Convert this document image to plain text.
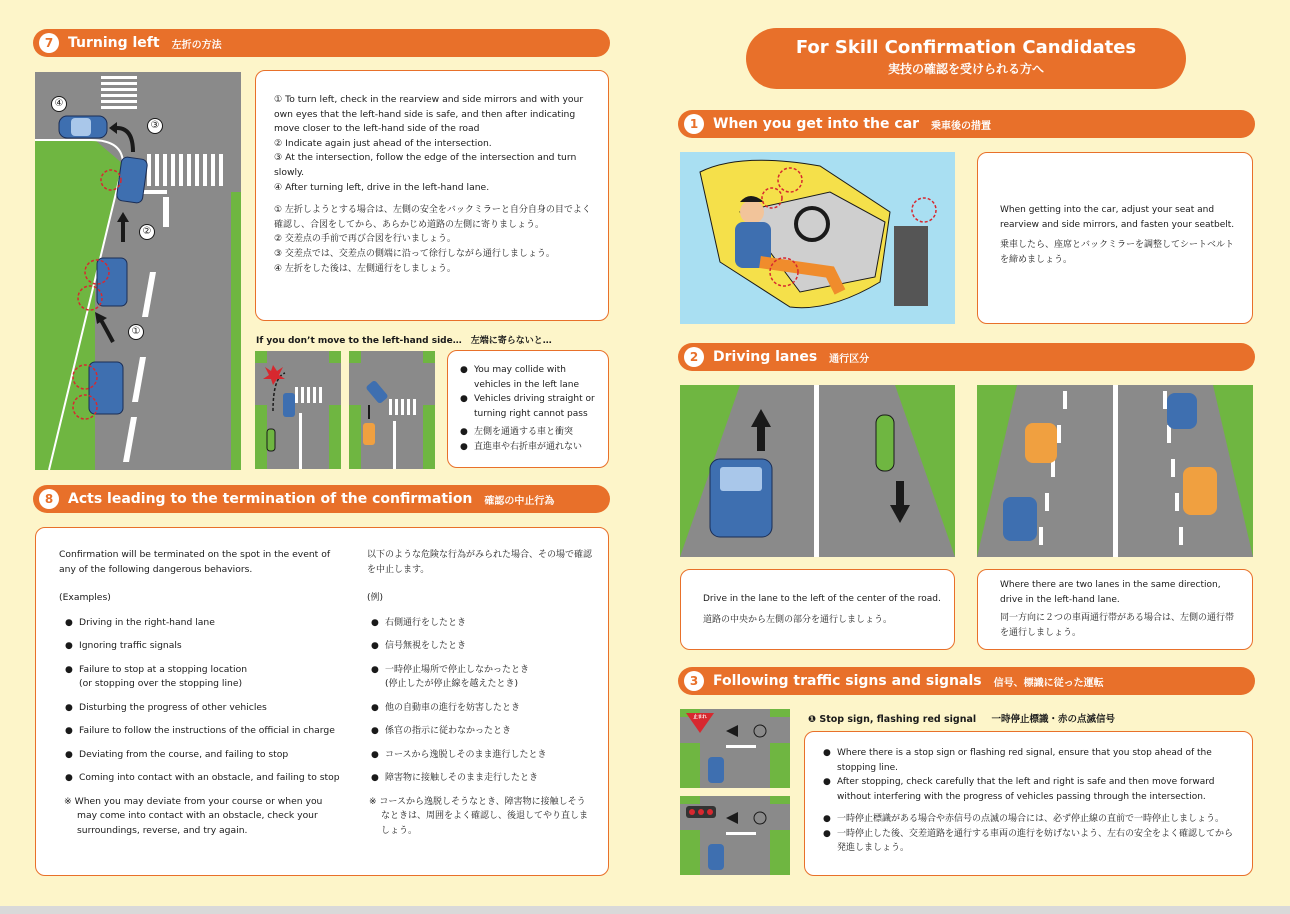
7	Turning left 左折の方法
④
③
②
①
① To turn left, check in the rearview and side mirrors and with your own eyes that the left-hand side is safe, and then after indicating move closer to the left-hand side of the road
② Indicate again just ahead of the intersection.
③ At the intersection, follow the edge of the intersection and turn slowly.
④ After turning left, drive in the left-hand lane.
① 左折しようとする場合は、左側の安全をバックミラーと自分自身の目でよく確認し、合図をしてから、あらかじめ道路の左側に寄りましょう。
② 交差点の手前で再び合図を行いましょう。
③ 交差点では、交差点の側端に沿って徐行しながら通行しましょう。
④ 左折をした後は、左側通行をしましょう。
If you don’t move to the left-hand side…　左端に寄らないと…
● You may collide with vehicles in the left lane
● Vehicles driving straight or turning right cannot pass
● 左側を通過する車と衝突
● 直進車や右折車が通れない
8	Acts leading to the termination of the confirmation 確認の中止行為
Confirmation will be terminated on the spot in the event of any of the following dangerous behaviors.
(Examples)
● Driving in the right-hand lane
● Ignoring traffic signals
● Failure to stop at a stopping location
(or stopping over the stopping line)
● Disturbing the progress of other vehicles
● Failure to follow the instructions of the official in charge
● Deviating from the course, and failing to stop
● Coming into contact with an obstacle, and failing to stop
※ When you may deviate from your course or when you may come into contact with an obstacle, check your surroundings, reverse, and try again.
以下のような危険な行為がみられた場合、その場で確認を中止します。
(例)
● 右側通行をしたとき
● 信号無視をしたとき
● 一時停止場所で停止しなかったとき
(停止したが停止線を越えたとき)
● 他の自動車の進行を妨害したとき
● 係官の指示に従わなかったとき
● コースから逸脱しそのまま進行したとき
● 障害物に接触しそのまま走行したとき
※ コースから逸脱しそうなとき、障害物に接触しそうなときは、周囲をよく確認し、後退してやり直しましょう。
For Skill Confirmation Candidates
実技の確認を受けられる方へ
1	When you get into the car 乗車後の措置
When getting into the car, adjust your seat and rearview and side mirrors, and fasten your seatbelt.
乗車したら、座席とバックミラーを調整してシートベルトを締めましょう。
2	Driving lanes 通行区分
Drive in the lane to the left of the center of the road.
道路の中央から左側の部分を通行しましょう。
Where there are two lanes in the same direction, drive in the left-hand lane.
同一方向に２つの車両通行帯がある場合は、左側の通行帯を通行しましょう。
3	Following traffic signs and signals 信号、標識に従った運転
止まれ	❶ Stop sign, flashing red signal 一時停止標識・赤の点滅信号
● Where there is a stop sign or flashing red signal, ensure that you stop ahead of the stopping line.
● After stopping, check carefully that the left and right is safe and then move forward without interfering with the progress of vehicles passing through the intersection.
● 一時停止標識がある場合や赤信号の点滅の場合には、必ず停止線の直前で一時停止しましょう。
● 一時停止した後、交差道路を通行する車両の進行を妨げないよう、左右の安全をよく確認してから発進しましょう。
